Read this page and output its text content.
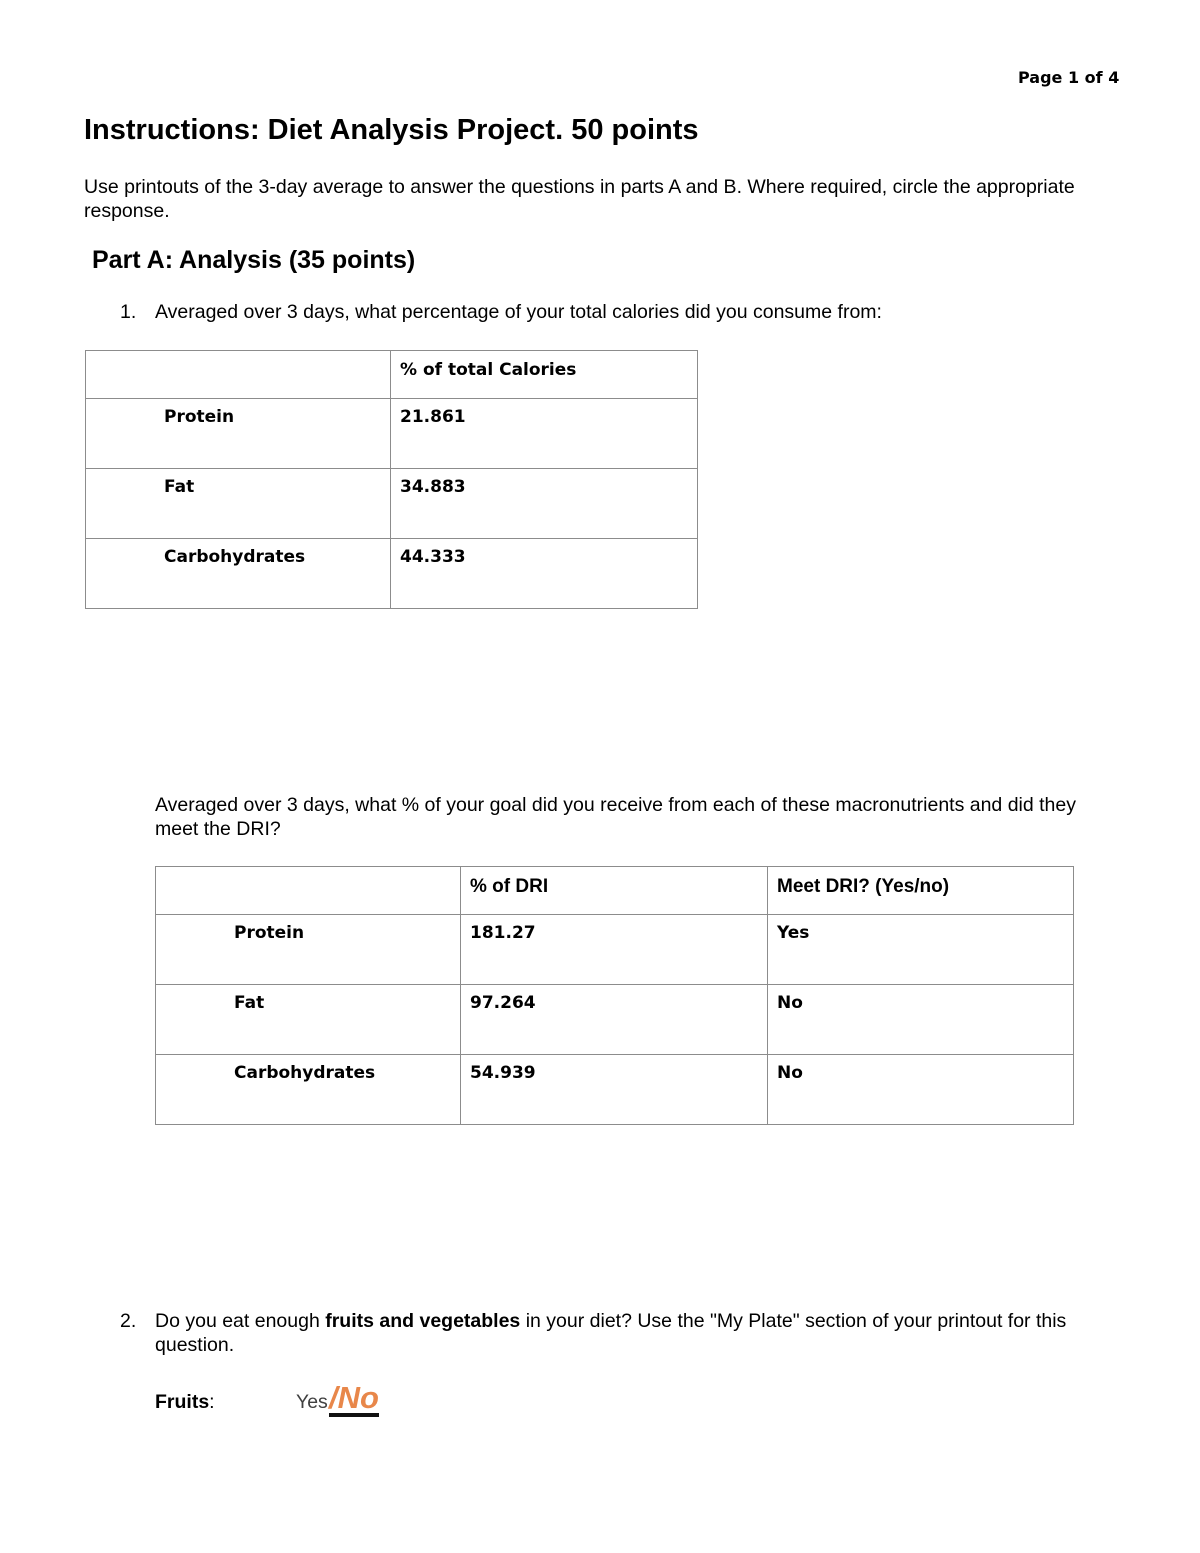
Page 1 of 4
Instructions: Diet Analysis Project. 50 points

Use printouts of the 3-day average to answer the questions in parts A and B. Where required, circle the appropriate response.

Part A: Analysis (35 points)
1. Averaged over 3 days, what percentage of your total calories did you consume from:

	% of total Calories
Protein	21.861
Fat	34.883
Carbohydrates	44.333

Averaged over 3 days, what % of your goal did you receive from each of these macronutrients and did they meet the DRI?

	% of DRI	Meet DRI? (Yes/no)
Protein	181.27	Yes
Fat	97.264	No
Carbohydrates	54.939	No
2. Do you eat enough fruits and vegetables in your diet? Use the "My Plate" section of your printout for this question.

Fruits:	Yes /No
